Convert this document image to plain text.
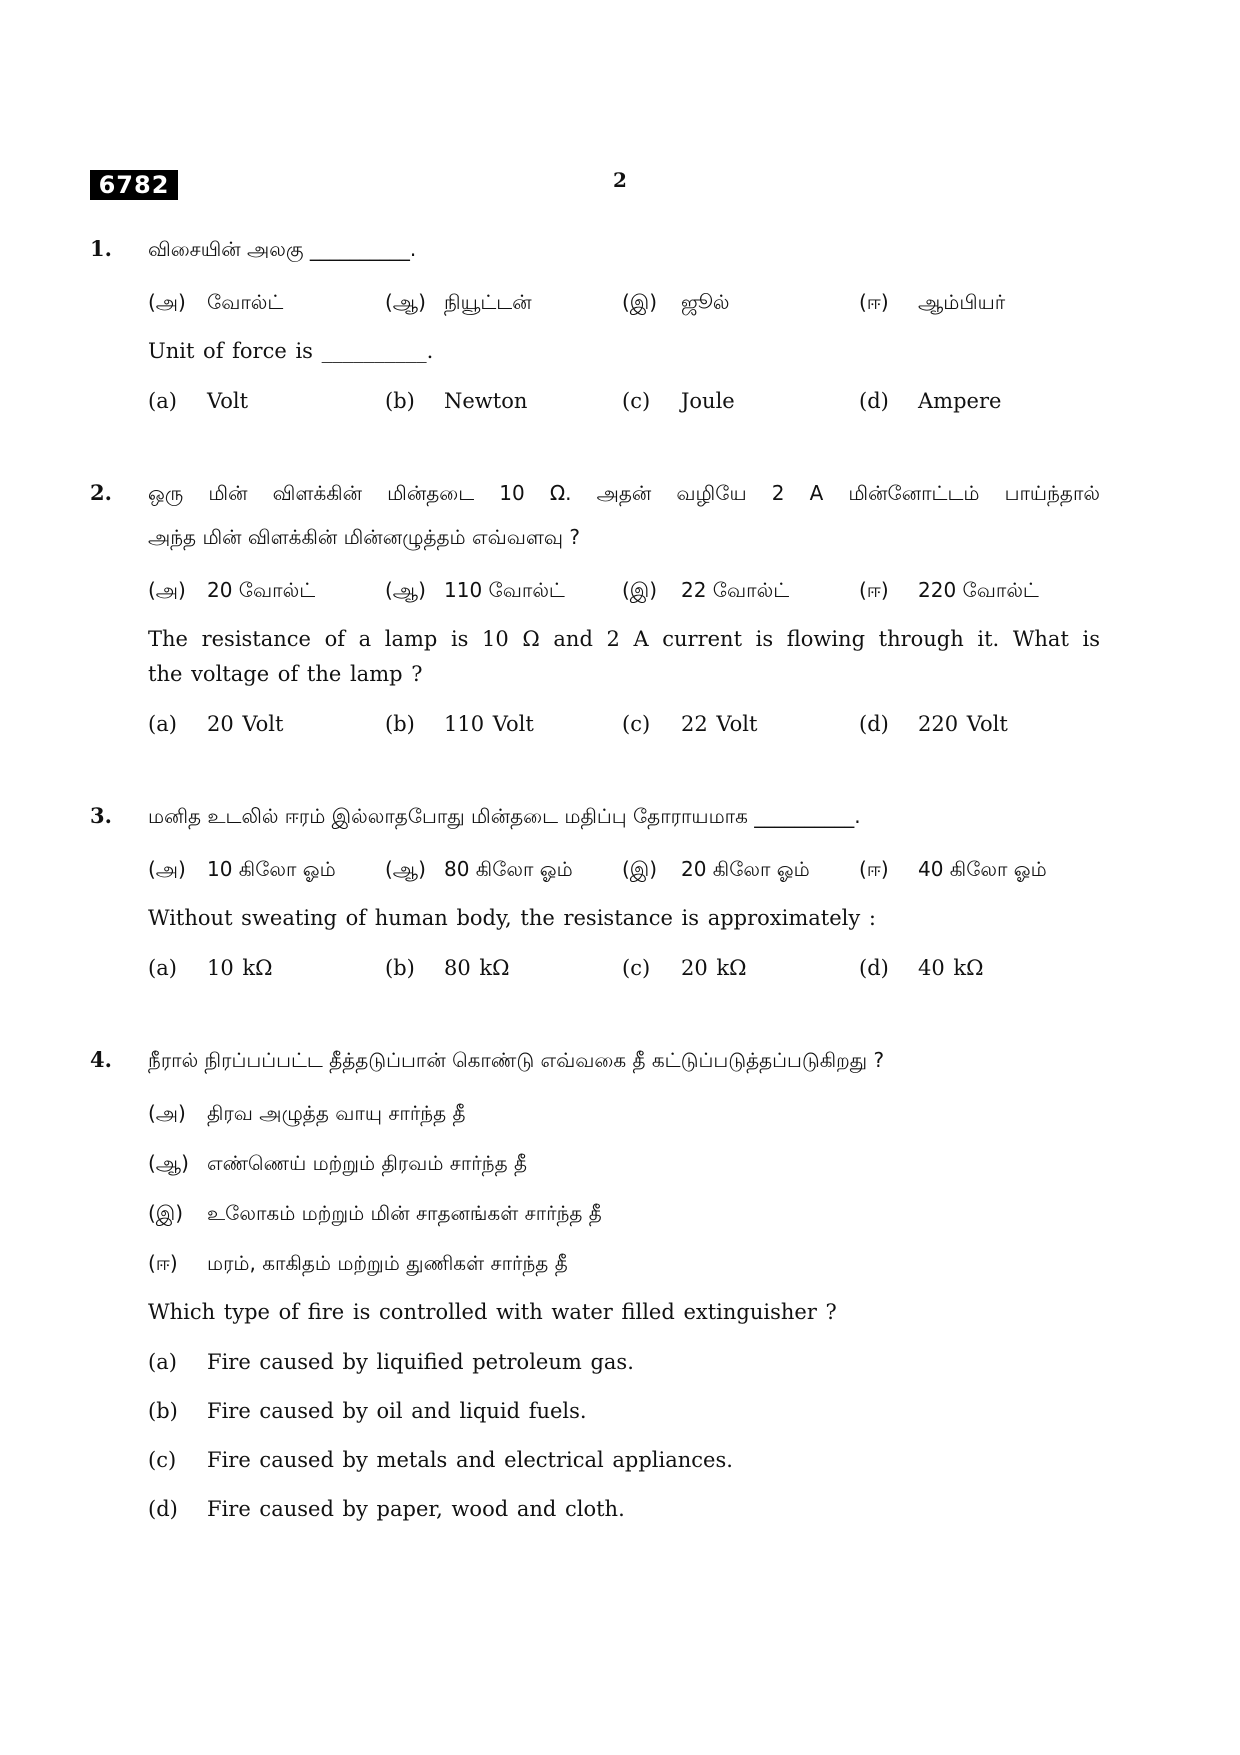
6782	2
1.	விசையின் அலகு __________.
(அ) வோல்ட்	(ஆ) நியூட்டன்	(இ) ஜூல்	(ஈ) ஆம்பியர்
Unit of force is __________.
(a) Volt	(b) Newton	(c) Joule	(d) Ampere
2.	ஒரு மின் விளக்கின் மின்தடை 10 Ω. அதன் வழியே 2 A மின்னோட்டம் பாய்ந்தால்
அந்த மின் விளக்கின் மின்னழுத்தம் எவ்வளவு ?
(அ) 20 வோல்ட்	(ஆ) 110 வோல்ட்	(இ) 22 வோல்ட்	(ஈ) 220 வோல்ட்
The resistance of a lamp is 10 Ω and 2 A current is flowing through it. What is
the voltage of the lamp ?
(a) 20 Volt	(b) 110 Volt	(c) 22 Volt	(d) 220 Volt
3.	மனித உடலில் ஈரம் இல்லாதபோது மின்தடை மதிப்பு தோராயமாக __________.
(அ) 10 கிலோ ஓம்	(ஆ) 80 கிலோ ஓம்	(இ) 20 கிலோ ஓம்	(ஈ) 40 கிலோ ஓம்
Without sweating of human body, the resistance is approximately :
(a) 10 kΩ	(b) 80 kΩ	(c) 20 kΩ	(d) 40 kΩ
4.	நீரால் நிரப்பப்பட்ட தீத்தடுப்பான் கொண்டு எவ்வகை தீ கட்டுப்படுத்தப்படுகிறது ?
(அ) திரவ அழுத்த வாயு சார்ந்த தீ
(ஆ) எண்ணெய் மற்றும் திரவம் சார்ந்த தீ
(இ) உலோகம் மற்றும் மின் சாதனங்கள் சார்ந்த தீ
(ஈ) மரம், காகிதம் மற்றும் துணிகள் சார்ந்த தீ
Which type of fire is controlled with water filled extinguisher ?
(a) Fire caused by liquified petroleum gas.
(b) Fire caused by oil and liquid fuels.
(c) Fire caused by metals and electrical appliances.
(d) Fire caused by paper, wood and cloth.
